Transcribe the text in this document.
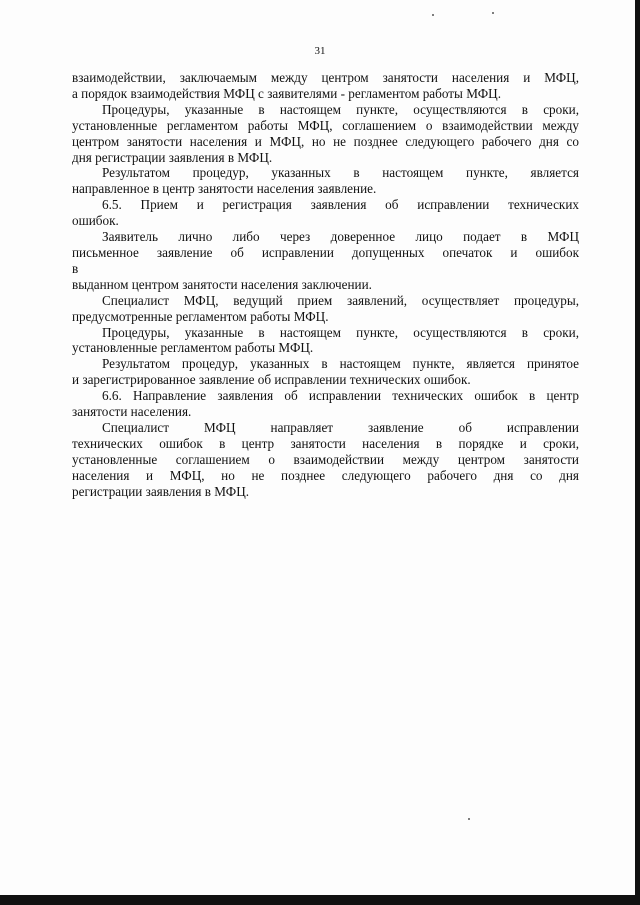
31

взаимодействии, заключаемым между центром занятости населения и МФЦ,
а порядок взаимодействия МФЦ с заявителями - регламентом работы МФЦ.

Процедуры, указанные в настоящем пункте, осуществляются в сроки,
установленные регламентом работы МФЦ, соглашением о взаимодействии между
центром занятости населения и МФЦ, но не позднее следующего рабочего дня со
дня регистрации заявления в МФЦ.

Результатом процедур, указанных в настоящем пункте, является
направленное в центр занятости населения заявление.

6.5. Прием и регистрация заявления об исправлении технических
ошибок.

Заявитель лично либо через доверенное лицо подает в МФЦ
письменное заявление об исправлении допущенных опечаток и ошибок
в
выданном центром занятости населения заключении.

Специалист МФЦ, ведущий прием заявлений, осуществляет процедуры,
предусмотренные регламентом работы МФЦ.

Процедуры, указанные в настоящем пункте, осуществляются в сроки,
установленные регламентом работы МФЦ.

Результатом процедур, указанных в настоящем пункте, является принятое
и зарегистрированное заявление об исправлении технических ошибок.

6.6. Направление заявления об исправлении технических ошибок в центр
занятости населения.

Специалист МФЦ направляет заявление об исправлении
технических ошибок в центр занятости населения в порядке и сроки,
установленные соглашением о взаимодействии между центром занятости
населения и МФЦ, но не позднее следующего рабочего дня со дня
регистрации заявления в МФЦ.
